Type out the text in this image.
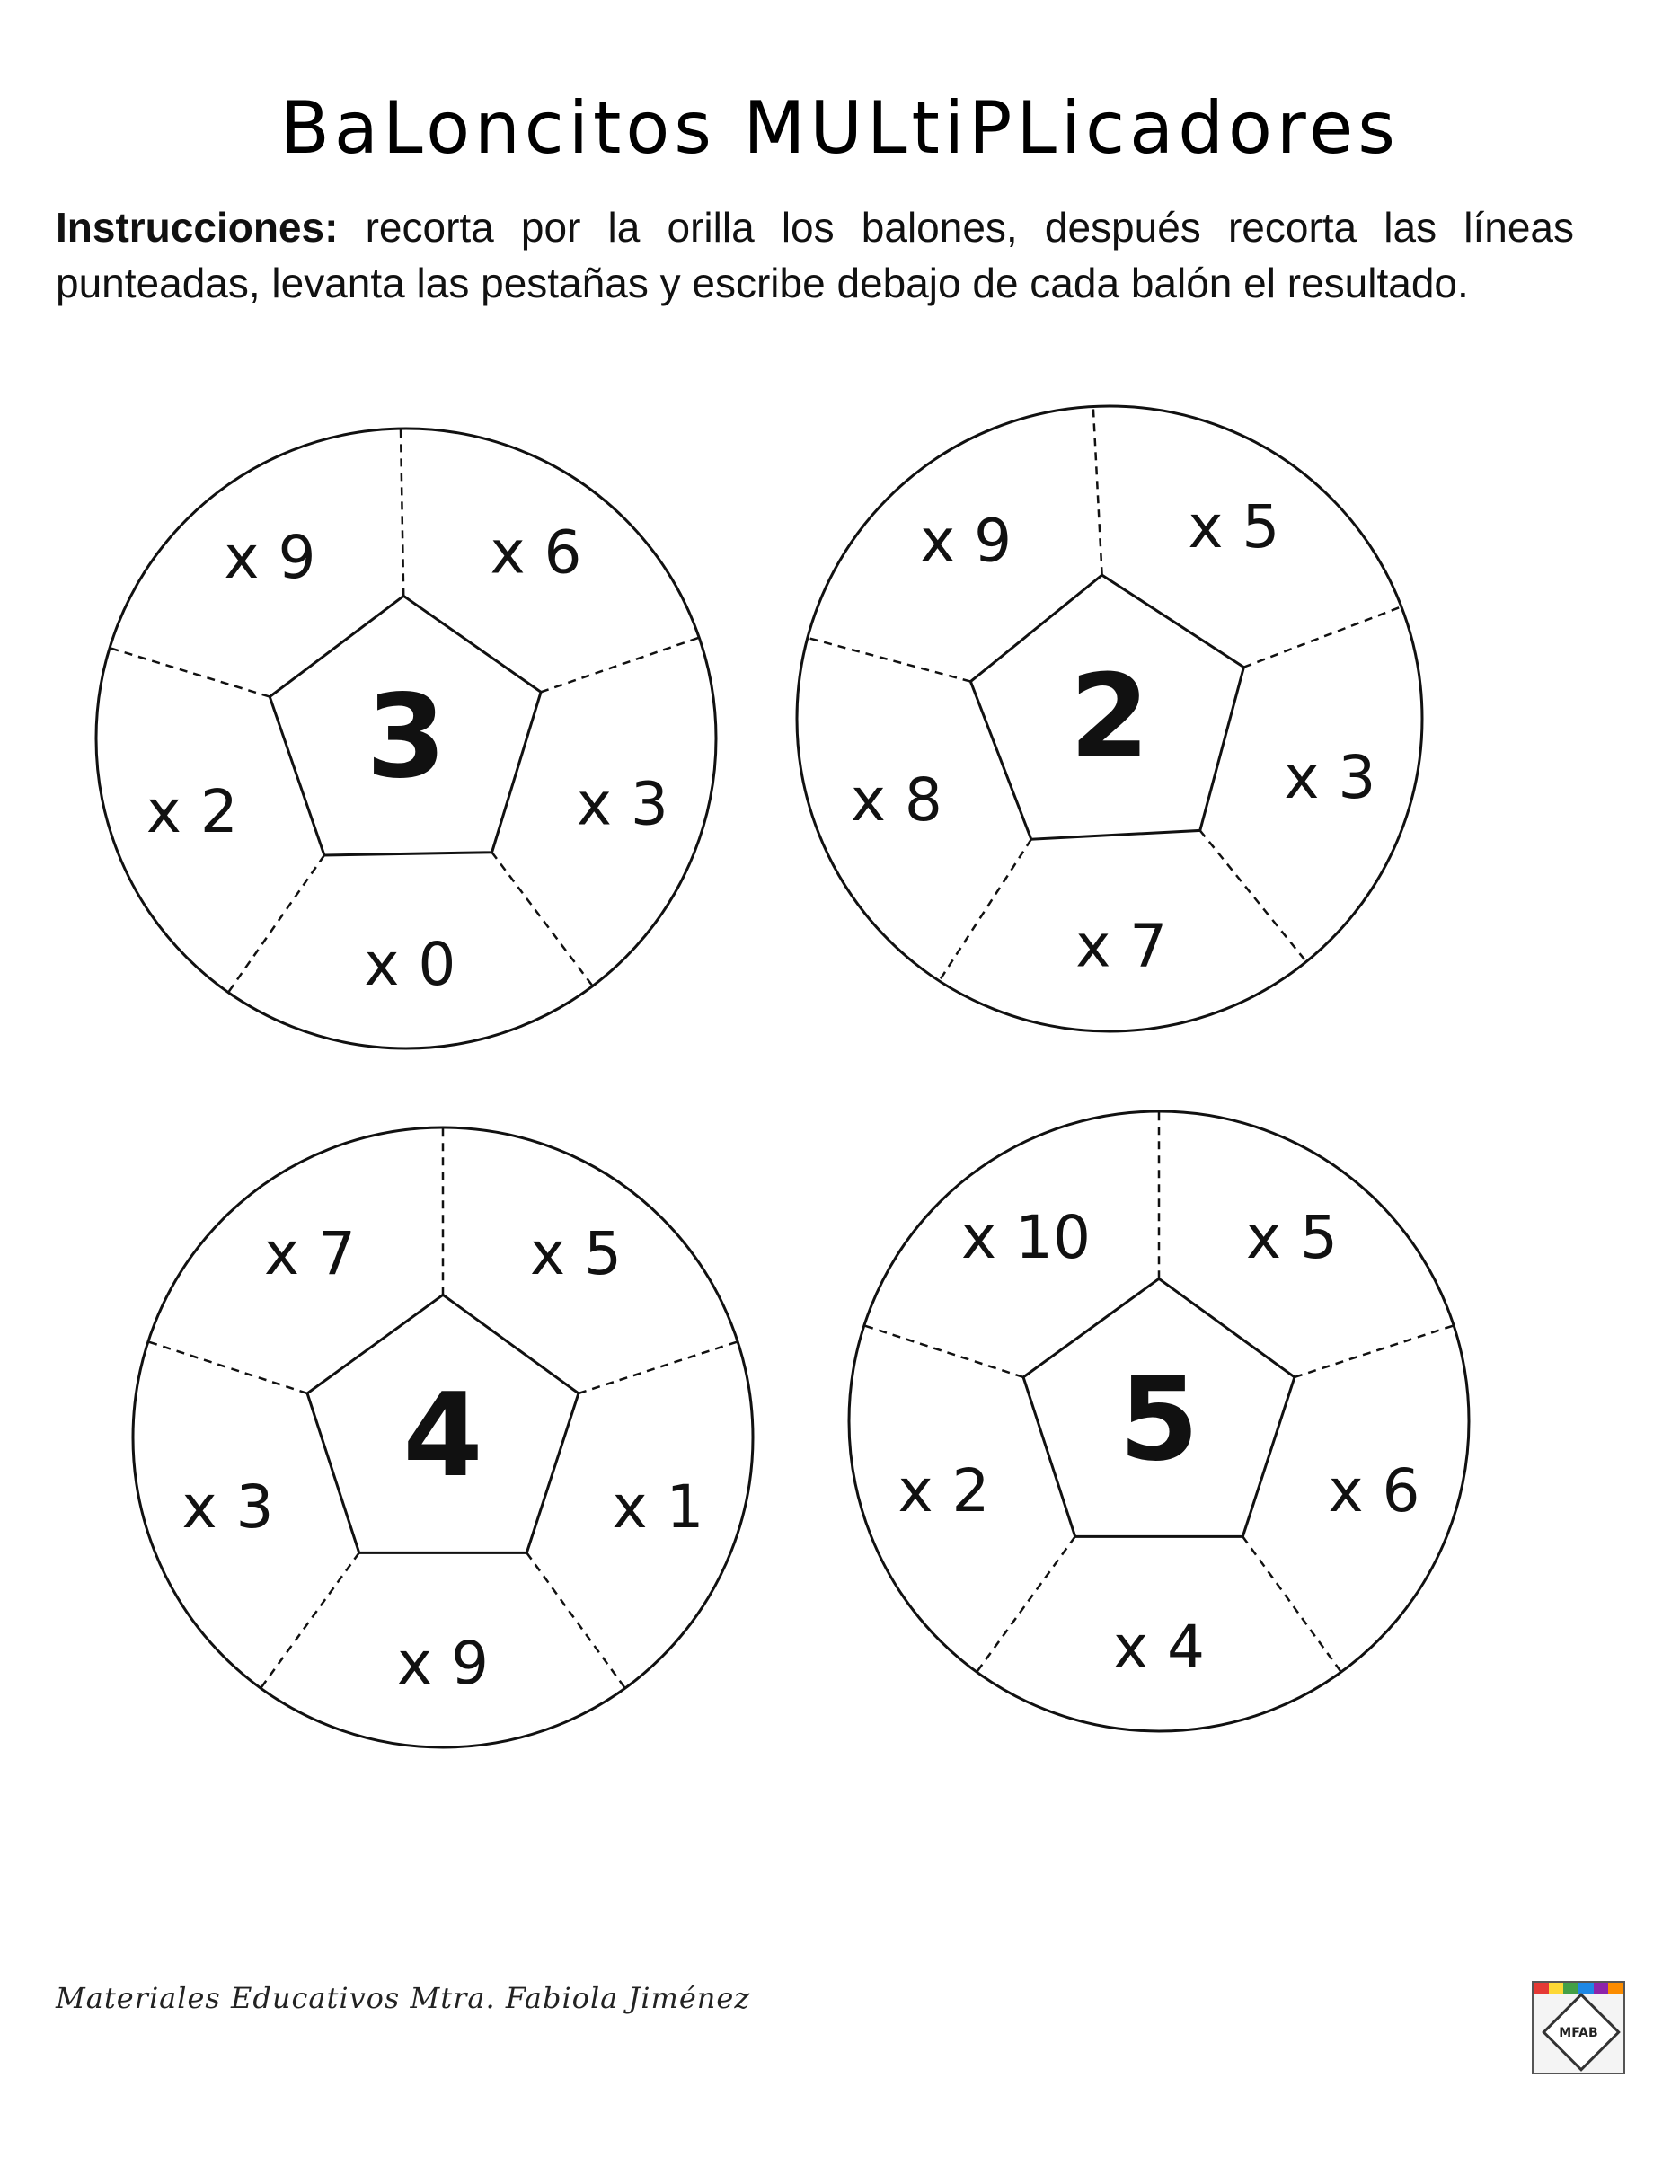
BaLoncitos MULtiPLicadores
Instrucciones: recorta por la orilla los balones, después recorta las líneas punteadas, levanta las pestañas y escribe debajo de cada balón el resultado.
3
x 6
x 3
x 0
x 2
x 9
2
x 5
x 3
x 7
x 8
x 9
4
x 5
x 1
x 9
x 3
x 7
5
x 5
x 6
x 4
x 2
x 10
Materiales Educativos Mtra. Fabiola Jiménez
MFAB
